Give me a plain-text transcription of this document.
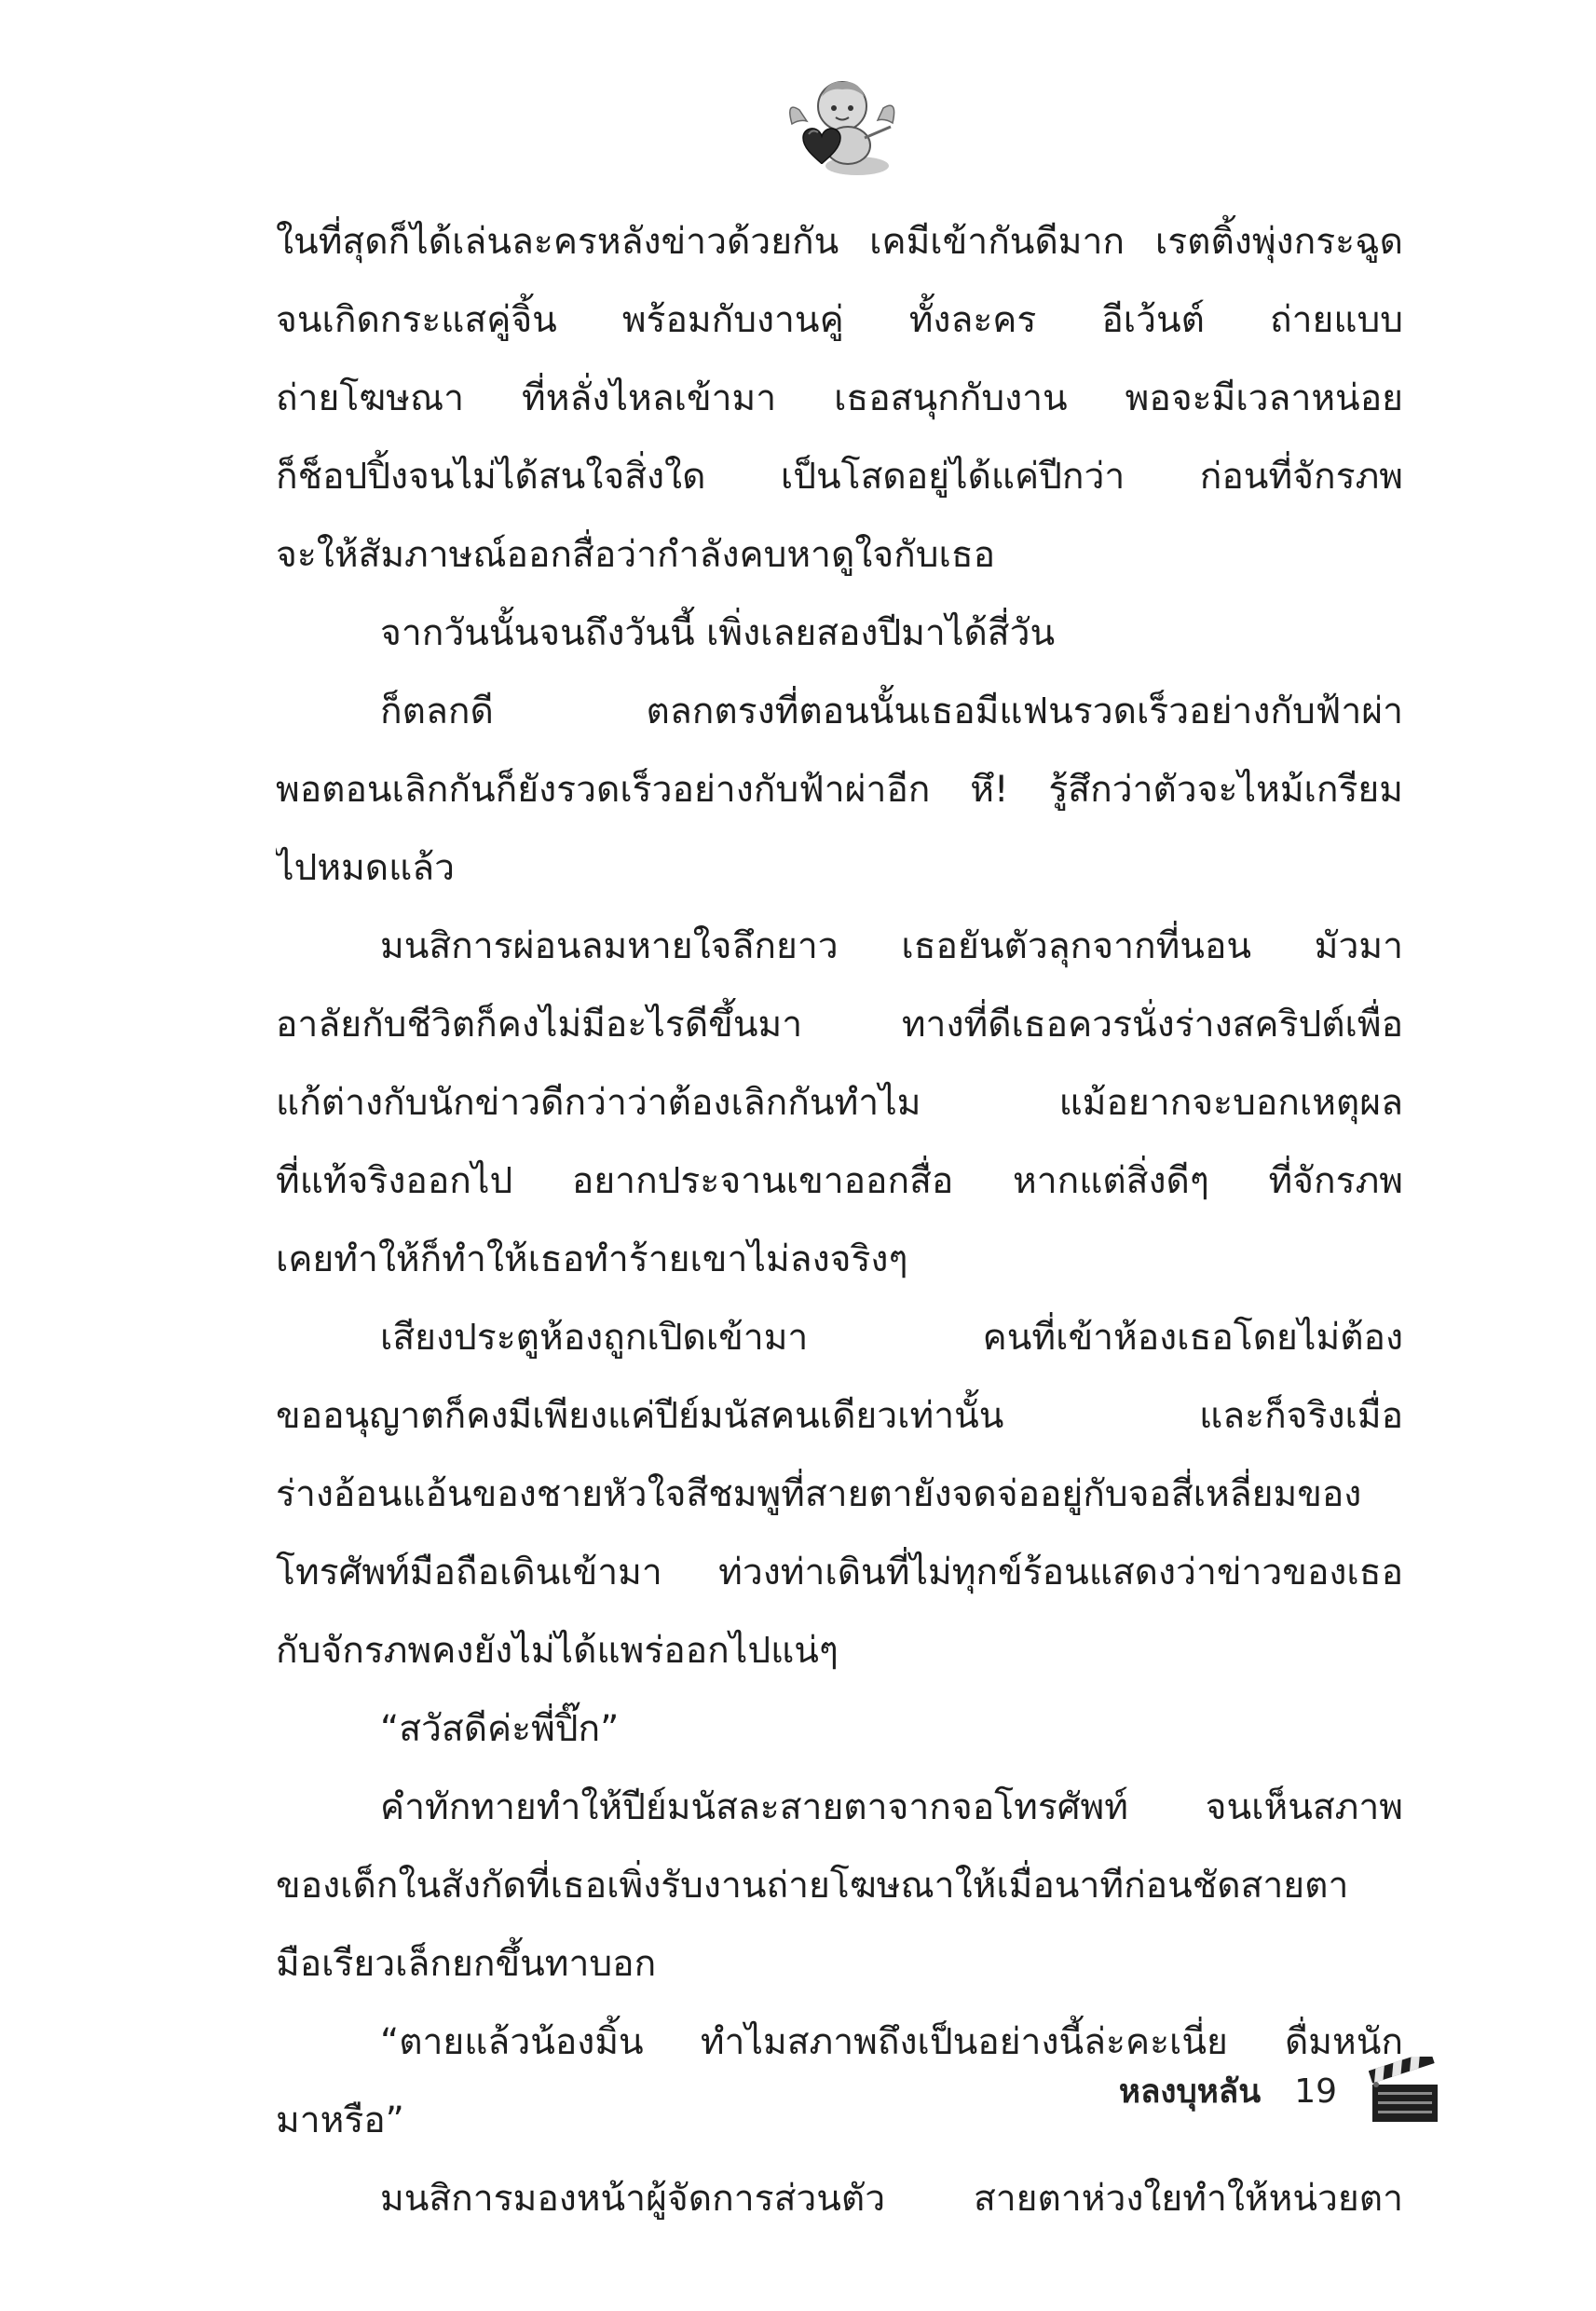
ในที่สุดก็ได้เล่นละครหลังข่าวด้วยกัน เคมีเข้ากันดีมาก เรตติ้งพุ่งกระฉูด
จนเกิดกระแสคู่จิ้น พร้อมกับงานคู่ ทั้งละคร อีเว้นต์ ถ่ายแบบ
ถ่ายโฆษณา ที่หลั่งไหลเข้ามา เธอสนุกกับงาน พอจะมีเวลาหน่อย
ก็ช็อปปิ้งจนไม่ได้สนใจสิ่งใด เป็นโสดอยู่ได้แค่ปีกว่า ก่อนที่จักรภพ
จะให้สัมภาษณ์ออกสื่อว่ากำลังคบหาดูใจกับเธอ
จากวันนั้นจนถึงวันนี้ เพิ่งเลยสองปีมาได้สี่วัน
ก็ตลกดี ตลกตรงที่ตอนนั้นเธอมีแฟนรวดเร็วอย่างกับฟ้าผ่า
พอตอนเลิกกันก็ยังรวดเร็วอย่างกับฟ้าผ่าอีก หึ! รู้สึกว่าตัวจะไหม้เกรียม
ไปหมดแล้ว
มนสิการผ่อนลมหายใจลึกยาว เธอยันตัวลุกจากที่นอน มัวมา
อาลัยกับชีวิตก็คงไม่มีอะไรดีขึ้นมา ทางที่ดีเธอควรนั่งร่างสคริปต์เพื่อ
แก้ต่างกับนักข่าวดีกว่าว่าต้องเลิกกันทำไม แม้อยากจะบอกเหตุผล
ที่แท้จริงออกไป อยากประจานเขาออกสื่อ หากแต่สิ่งดีๆ ที่จักรภพ
เคยทำให้ก็ทำให้เธอทำร้ายเขาไม่ลงจริงๆ
เสียงประตูห้องถูกเปิดเข้ามา คนที่เข้าห้องเธอโดยไม่ต้อง
ขออนุญาตก็คงมีเพียงแค่ปีย์มนัสคนเดียวเท่านั้น และก็จริงเมื่อ
ร่างอ้อนแอ้นของชายหัวใจสีชมพูที่สายตายังจดจ่ออยู่กับจอสี่เหลี่ยมของ
โทรศัพท์มือถือเดินเข้ามา ท่วงท่าเดินที่ไม่ทุกข์ร้อนแสดงว่าข่าวของเธอ
กับจักรภพคงยังไม่ได้แพร่ออกไปแน่ๆ
“สวัสดีค่ะพี่ปิ๊ก”
คำทักทายทำให้ปีย์มนัสละสายตาจากจอโทรศัพท์ จนเห็นสภาพ
ของเด็กในสังกัดที่เธอเพิ่งรับงานถ่ายโฆษณาให้เมื่อนาทีก่อนชัดสายตา
มือเรียวเล็กยกขึ้นทาบอก
“ตายแล้วน้องมิ้น ทำไมสภาพถึงเป็นอย่างนี้ล่ะคะเนี่ย ดื่มหนัก
มาหรือ”
มนสิการมองหน้าผู้จัดการส่วนตัว สายตาห่วงใยทำให้หน่วยตา
หลงบุหลัน 19
